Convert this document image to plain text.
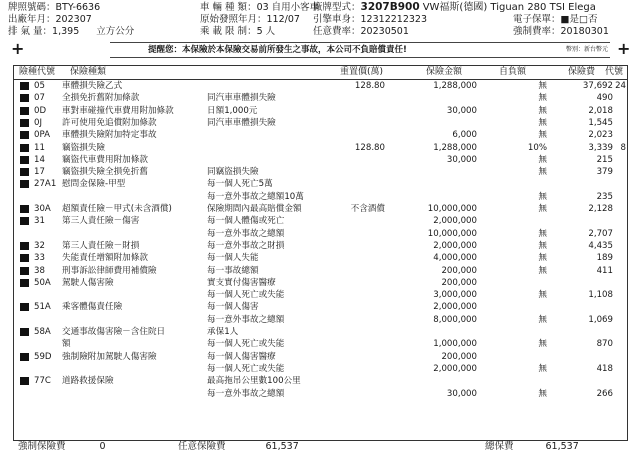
牌照號碼：BTY-6636	車 輛 種 類：03 自用小客車
廠牌型式：3207B900 VW福斯(德國) Tiguan 280 TSI Elega
出廠年月：202307	原始發照年月：112/07 引擎車身：12312212323	電子保單：■是□否
排 氣 量：1,395 立方公分	乘 載 限 制：5 人	任意費率：20230501	強制費率：20180301
+	+
提醒您：本保險於本保險交易前所發生之事故，本公司不負賠償責任!	幣別：新台幣元
險種代號 保險種類	重置價(萬)	保險金額	自負額	保險費 代號
05 車體損失險乙式	128.80	1,288,000	無	37,692 24
07 全損免折舊附加條款	同汽車車體損失險	無	490
0D 車對車碰撞代車費用附加條款	日額1,000元	30,000	無	2,018
0J 許可使用免追償附加條款	同汽車車體損失險	無	1,545
0PA 車體損失險附加特定事故	6,000	無	2,023
11 竊盜損失險	128.80	1,288,000	10%	3,339 8
14 竊盜代車費用附加條款	30,000	無	215
17 竊盜損失險全損免折舊	同竊盜損失險	無	379
27A1 慰問金保險-甲型	每一個人死亡5萬
每一意外事故之總額10萬	無	235
30A 超額責任險－甲式(未含酒償)	保險期間內最高賠償金額	不含酒償	10,000,000	無	2,128
31 第三人責任險－傷害	每一個人體傷或死亡	2,000,000
每一意外事故之總額	10,000,000	無	2,707
32 第三人責任險－財損	每一意外事故之財損	2,000,000	無	4,435
33 失能責任增額附加條款	每一個人失能	4,000,000	無	189
38 刑事訴訟律師費用補償險	每一事故總額	200,000	無	411
50A 駕駛人傷害險	實支實付傷害醫療	200,000
每一個人死亡或失能	3,000,000	無	1,108
51A 乘客體傷責任險	每一個人傷害	2,000,000
每一意外事故之總額	8,000,000	無	1,069
58A 交通事故傷害險－含住院日	承保1人
額	每一個人死亡或失能	1,000,000	無	870
59D 強制險附加駕駛人傷害險	每一個人傷害醫療	200,000
每一個人死亡或失能	2,000,000	無	418
77C 道路救援保險	最高拖吊公里數100公里
每一意外事故之總額	30,000	無	266
強制保險費	0	任意保險費	61,537	總保費	61,537
